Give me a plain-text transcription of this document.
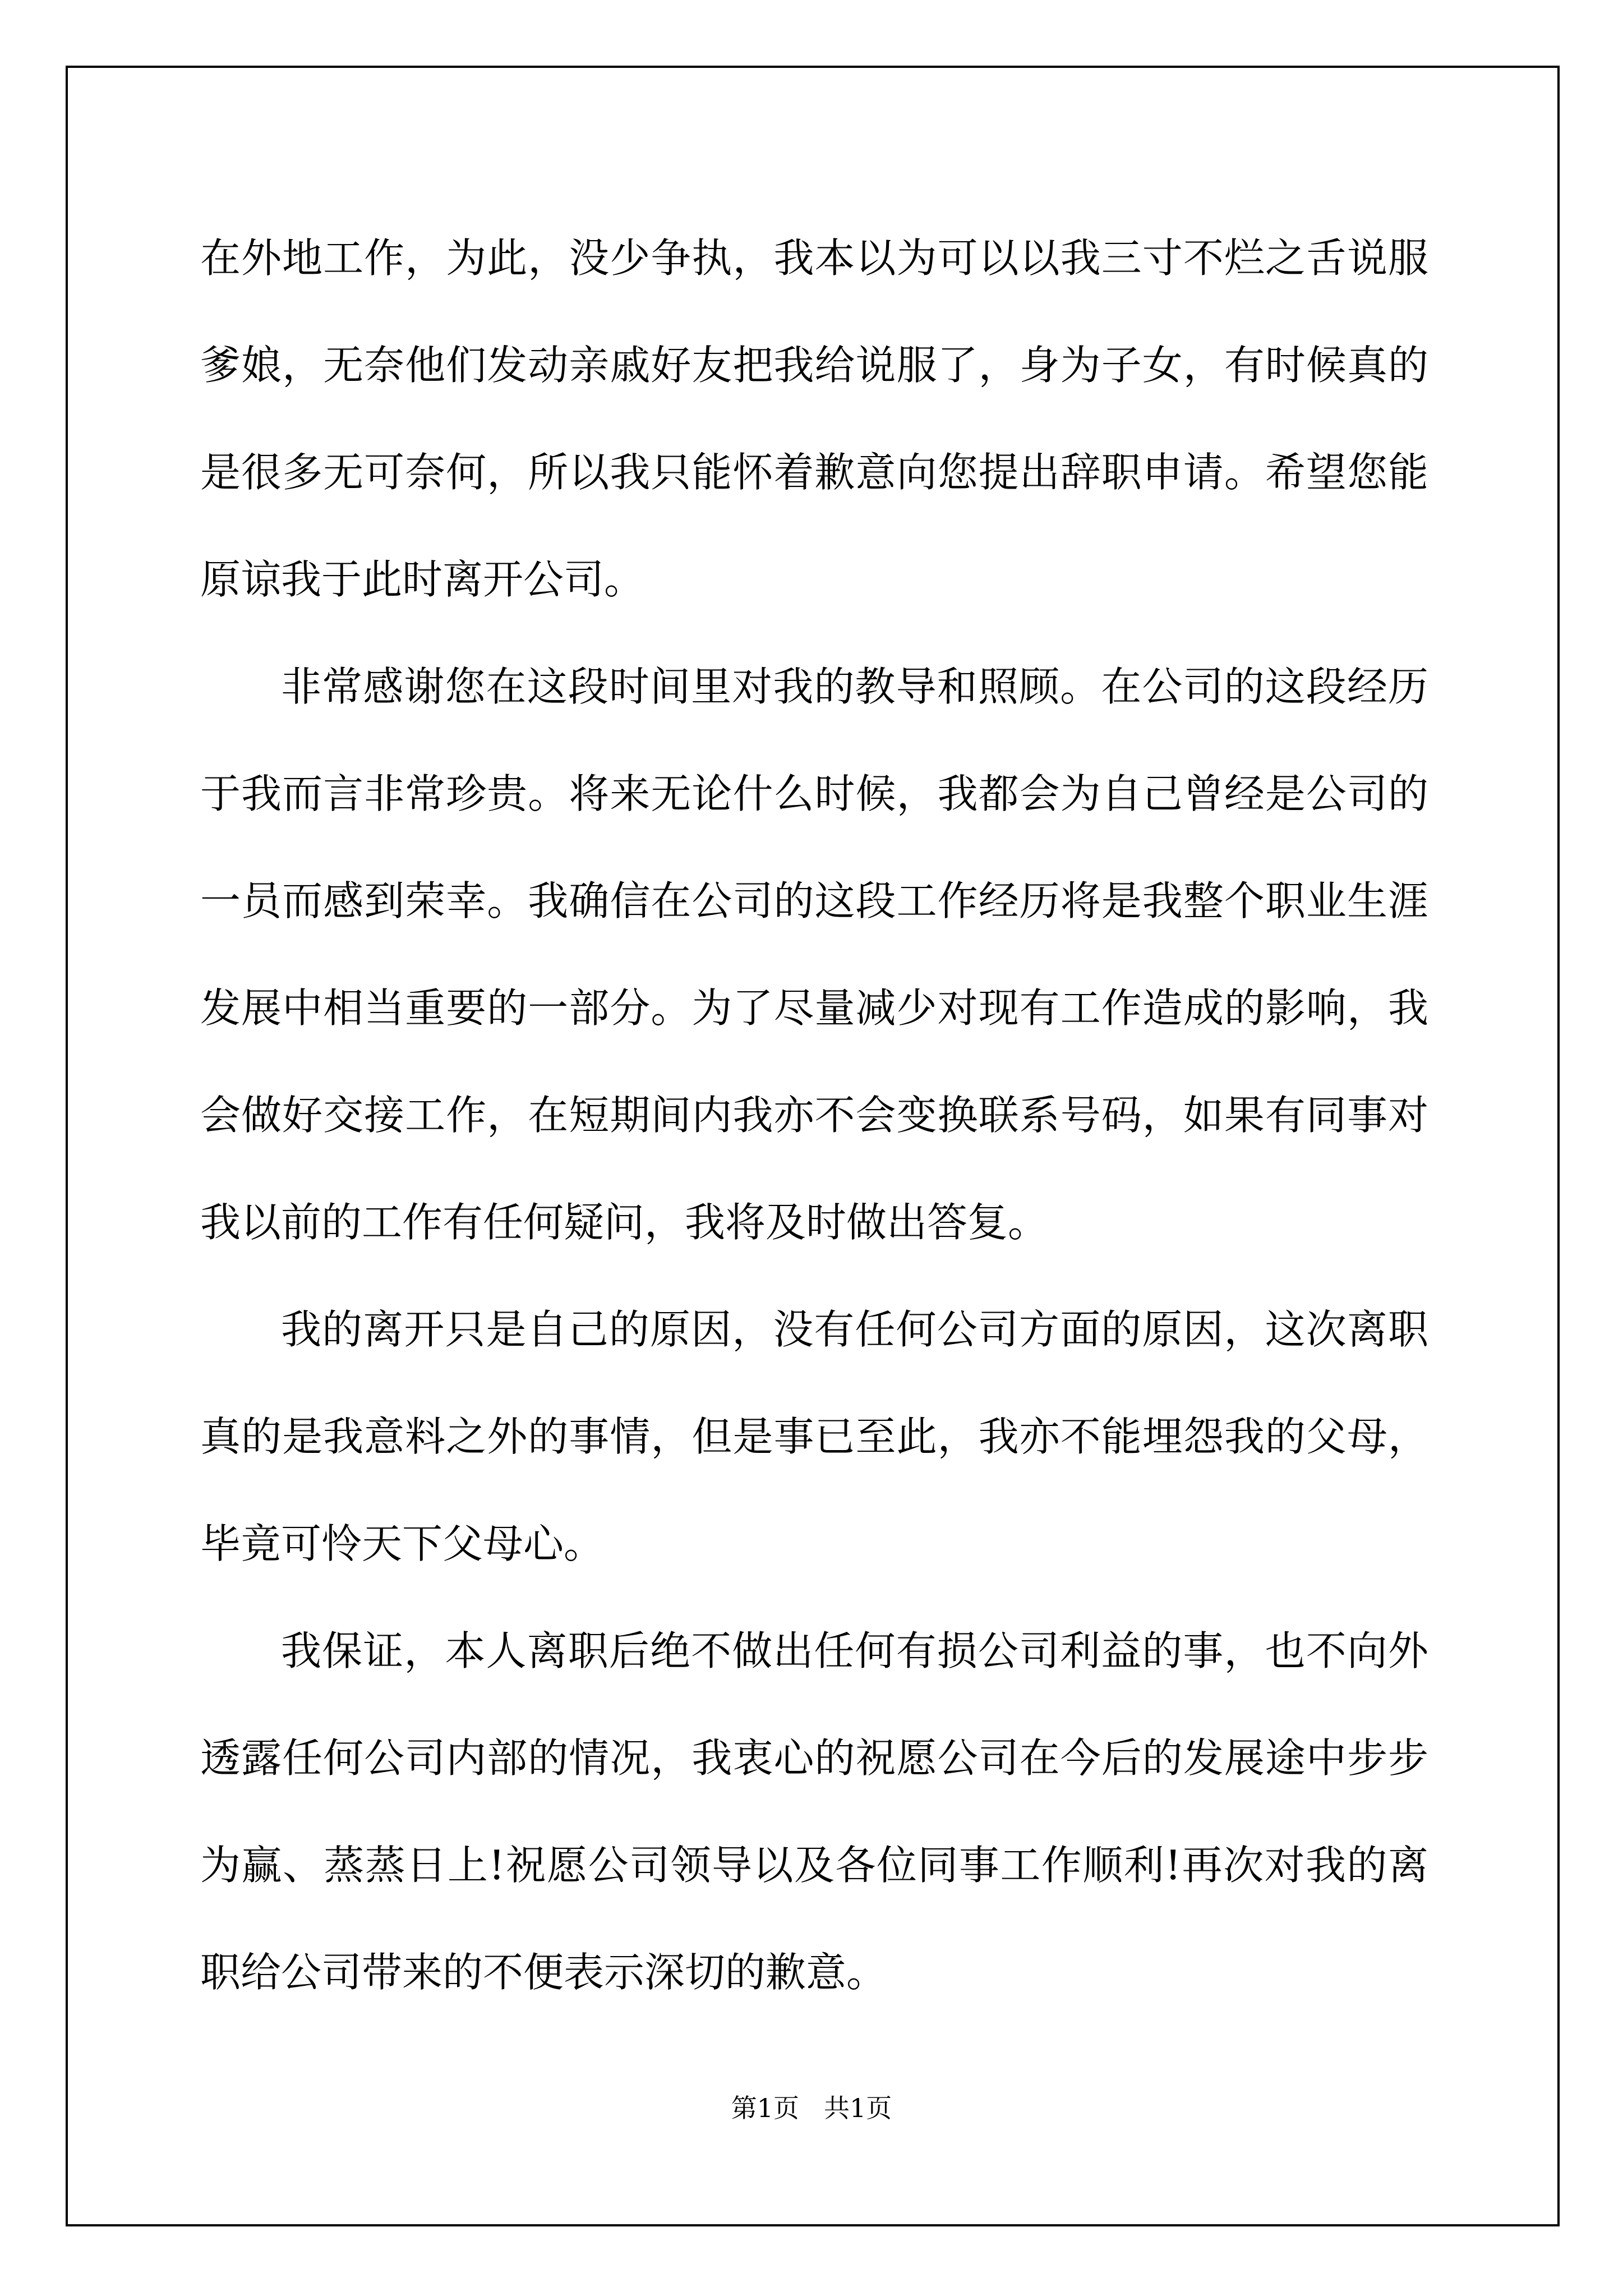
在外地工作，为此，没少争执，我本以为可以以我三寸不烂之舌说服爹娘，无奈他们发动亲戚好友把我给说服了，身为子女，有时候真的是很多无可奈何，所以我只能怀着歉意向您提出辞职申请。希望您能原谅我于此时离开公司。

非常感谢您在这段时间里对我的教导和照顾。在公司的这段经历于我而言非常珍贵。将来无论什么时候，我都会为自己曾经是公司的一员而感到荣幸。我确信在公司的这段工作经历将是我整个职业生涯发展中相当重要的一部分。为了尽量减少对现有工作造成的影响，我会做好交接工作，在短期间内我亦不会变换联系号码，如果有同事对我以前的工作有任何疑问，我将及时做出答复。

我的离开只是自己的原因，没有任何公司方面的原因，这次离职真的是我意料之外的事情，但是事已至此，我亦不能埋怨我的父母，毕竟可怜天下父母心。

我保证，本人离职后绝不做出任何有损公司利益的事，也不向外透露任何公司内部的情况，我衷心的祝愿公司在今后的发展途中步步为赢、蒸蒸日上!祝愿公司领导以及各位同事工作顺利!再次对我的离职给公司带来的不便表示深切的歉意。

第1页 共1页
